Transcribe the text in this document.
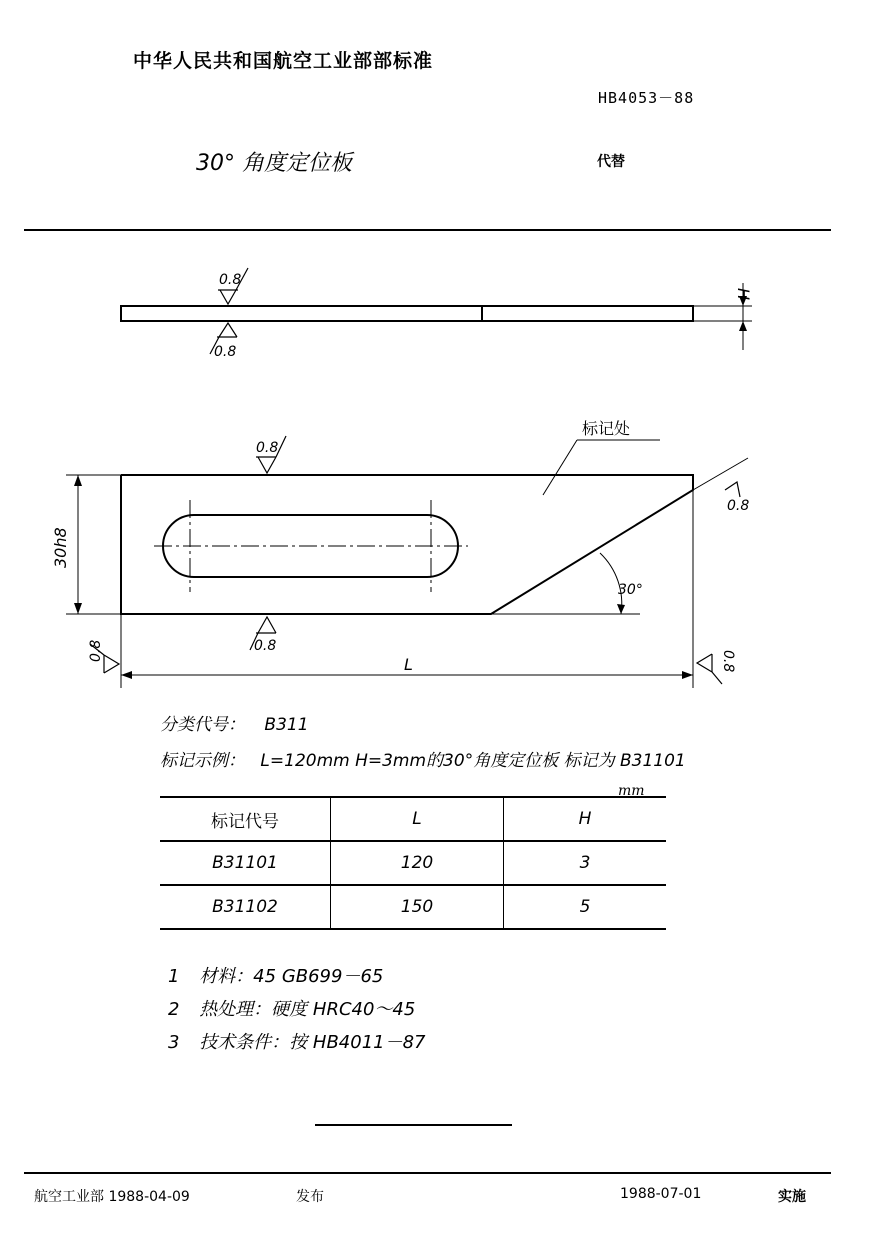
中华人民共和国航空工业部部标准
HB4053－88
30° 角度定位板	代替
0.8
0.8
0.8
0.8
0.8
0.8	0.8
H
30h8
L
30°
标记处
分类代号： B311
标记示例： L=120mm H=3mm的30°角度定位板 标记为 B31101
mm
标记代号	L	H
B31101	120	3
B31102	150	5
1 材料：45 GB699－65
2 热处理：硬度 HRC40～45
3 技术条件：按 HB4011－87
航空工业部 1988-04-09	发布	1988-07-01	实施
